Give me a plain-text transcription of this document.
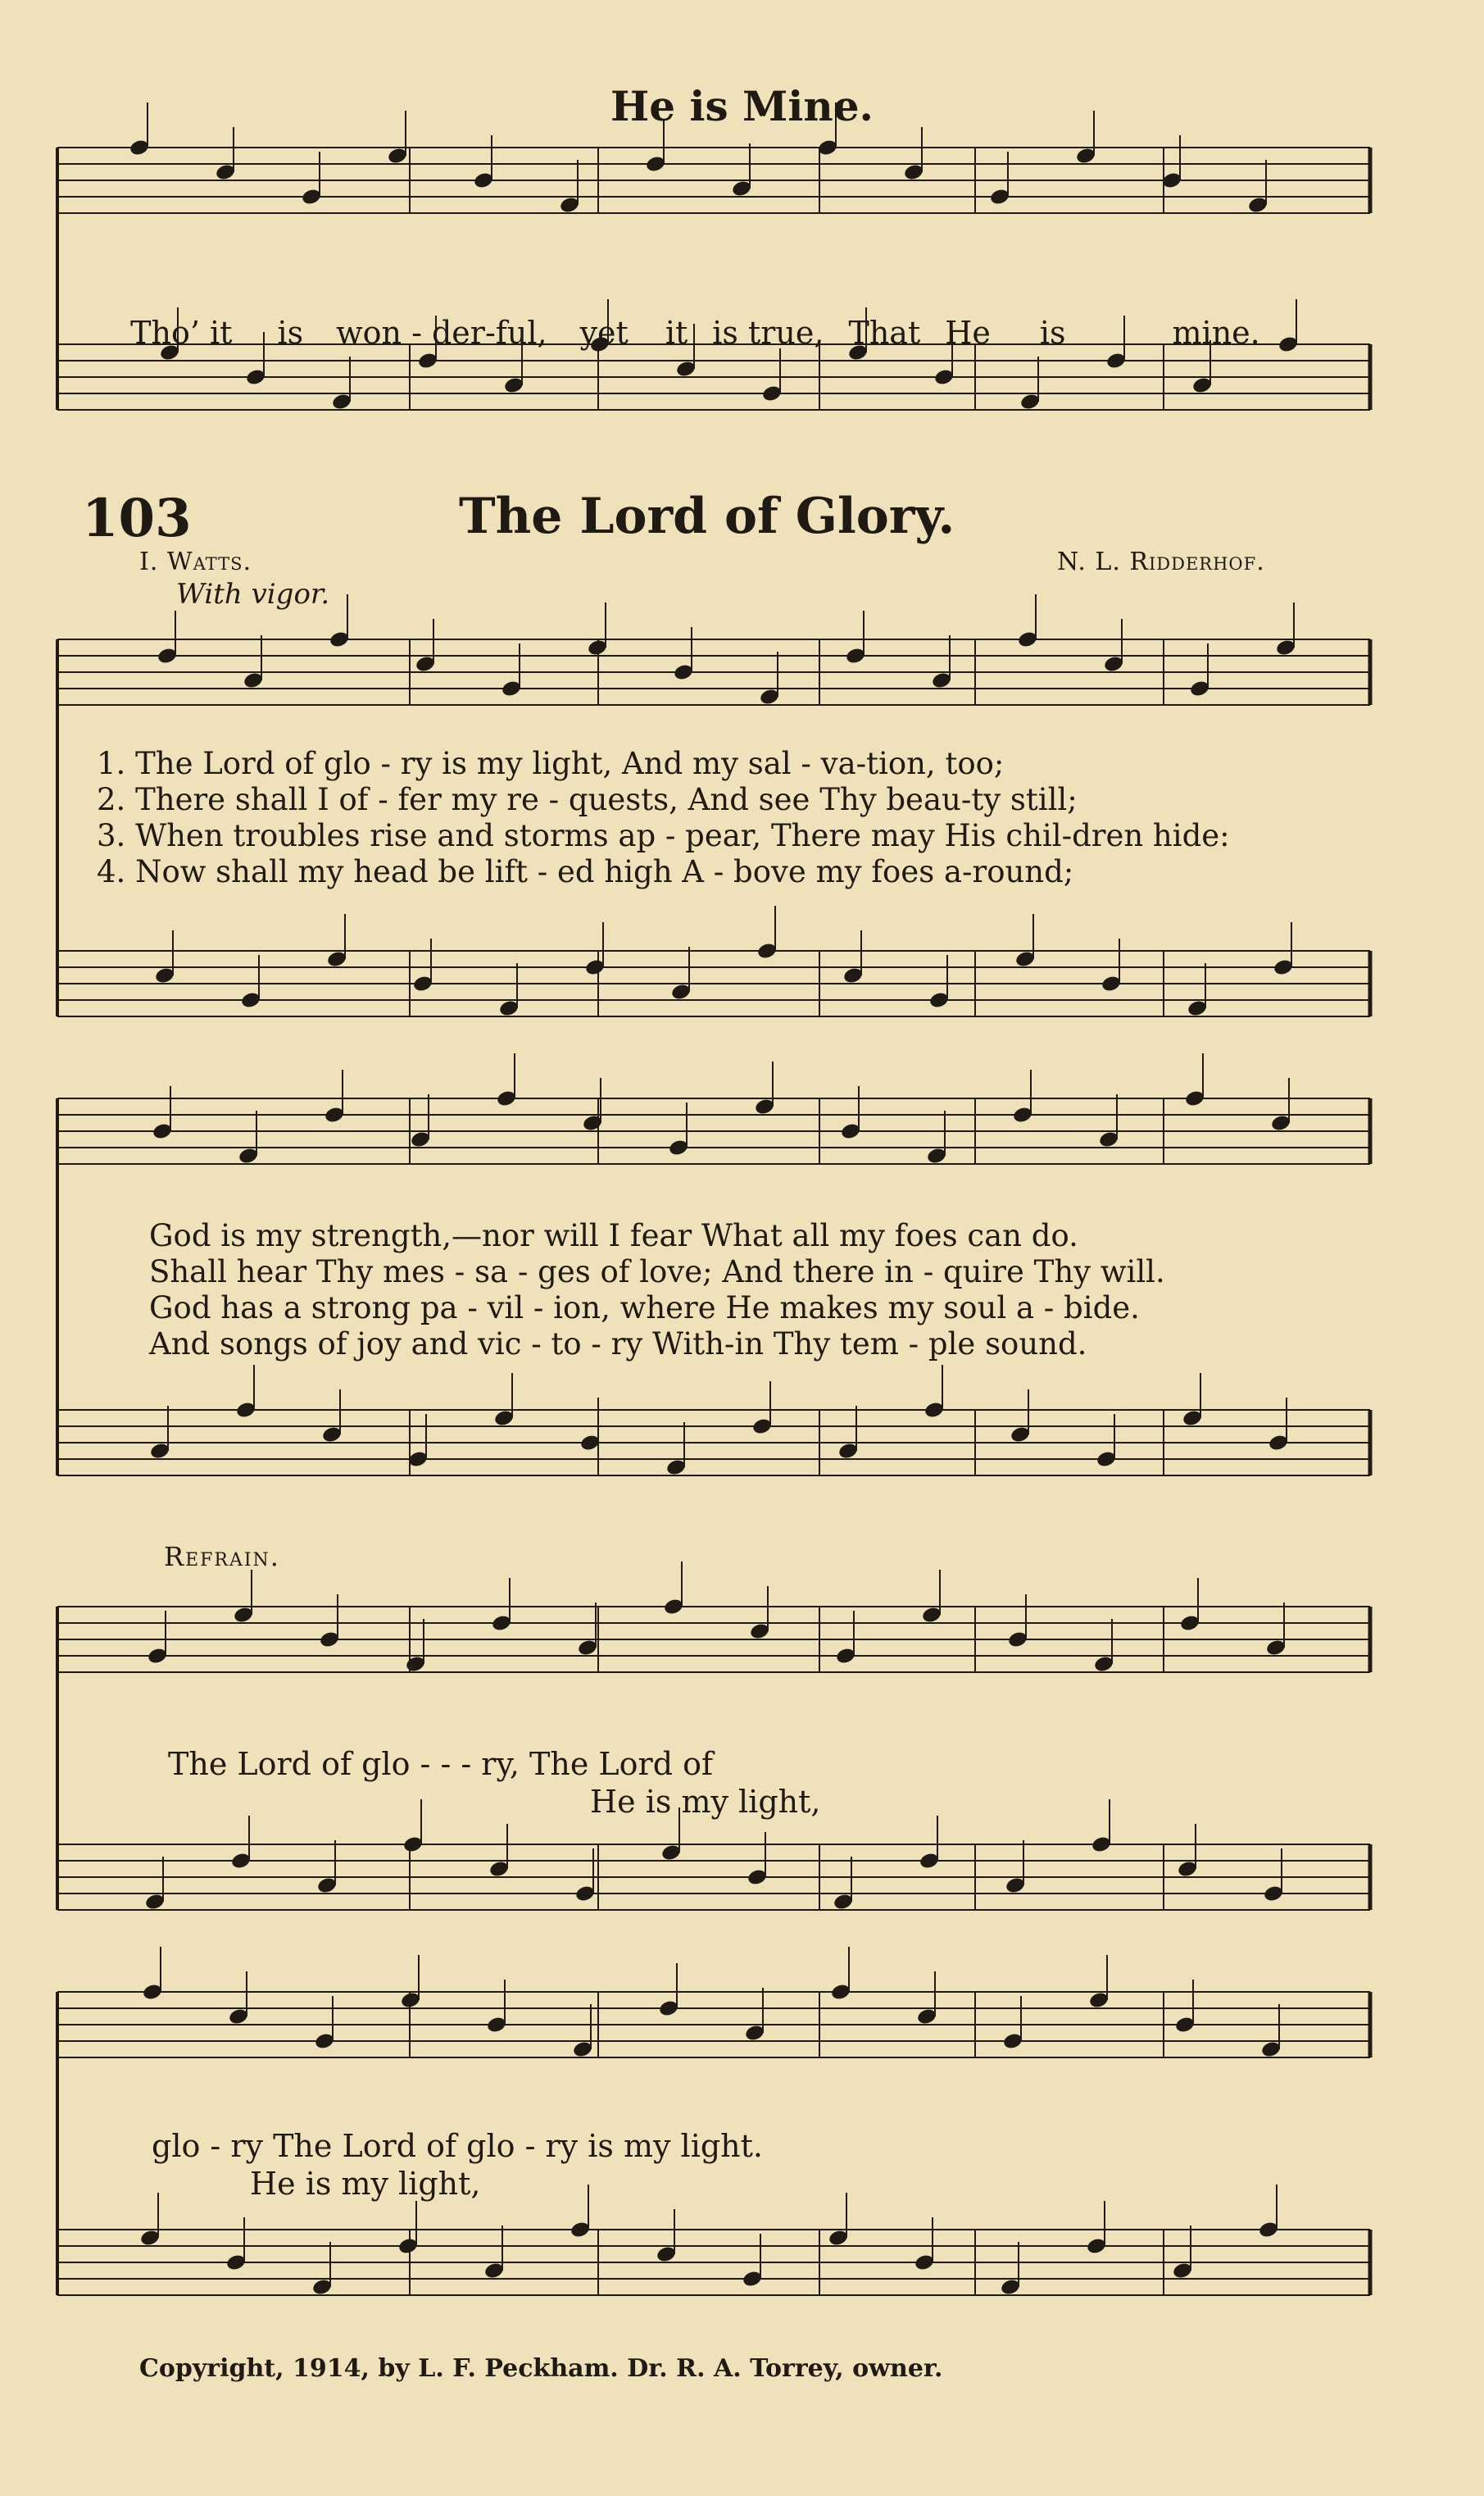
He is Mine.

Tho’ it is won - der-ful, yet it is true, That He is	mine.

103	The Lord of Glory.
I. Watts.	N. L. Ridderhof.
With vigor.
1. The Lord of glo - ry is my light, And my sal - va-tion, too;
2. There shall I of - fer my re - quests, And see Thy beau-ty still;
3. When troubles rise and storms ap - pear, There may His chil-dren hide:
4. Now shall my head be lift - ed high A - bove my foes a-round;
God is my strength,—nor will I fear What all my foes can do.
Shall hear Thy mes - sa - ges of love; And there in - quire Thy will.
God has a strong pa - vil - ion, where He makes my soul a - bide.
And songs of joy and vic - to - ry With-in Thy tem - ple sound.
Refrain.
The Lord of glo - - - ry, The Lord of
He is my light,
glo - ry The Lord of glo - ry is my light.
He is my light,
Copyright, 1914, by L. F. Peckham. Dr. R. A. Torrey, owner.
